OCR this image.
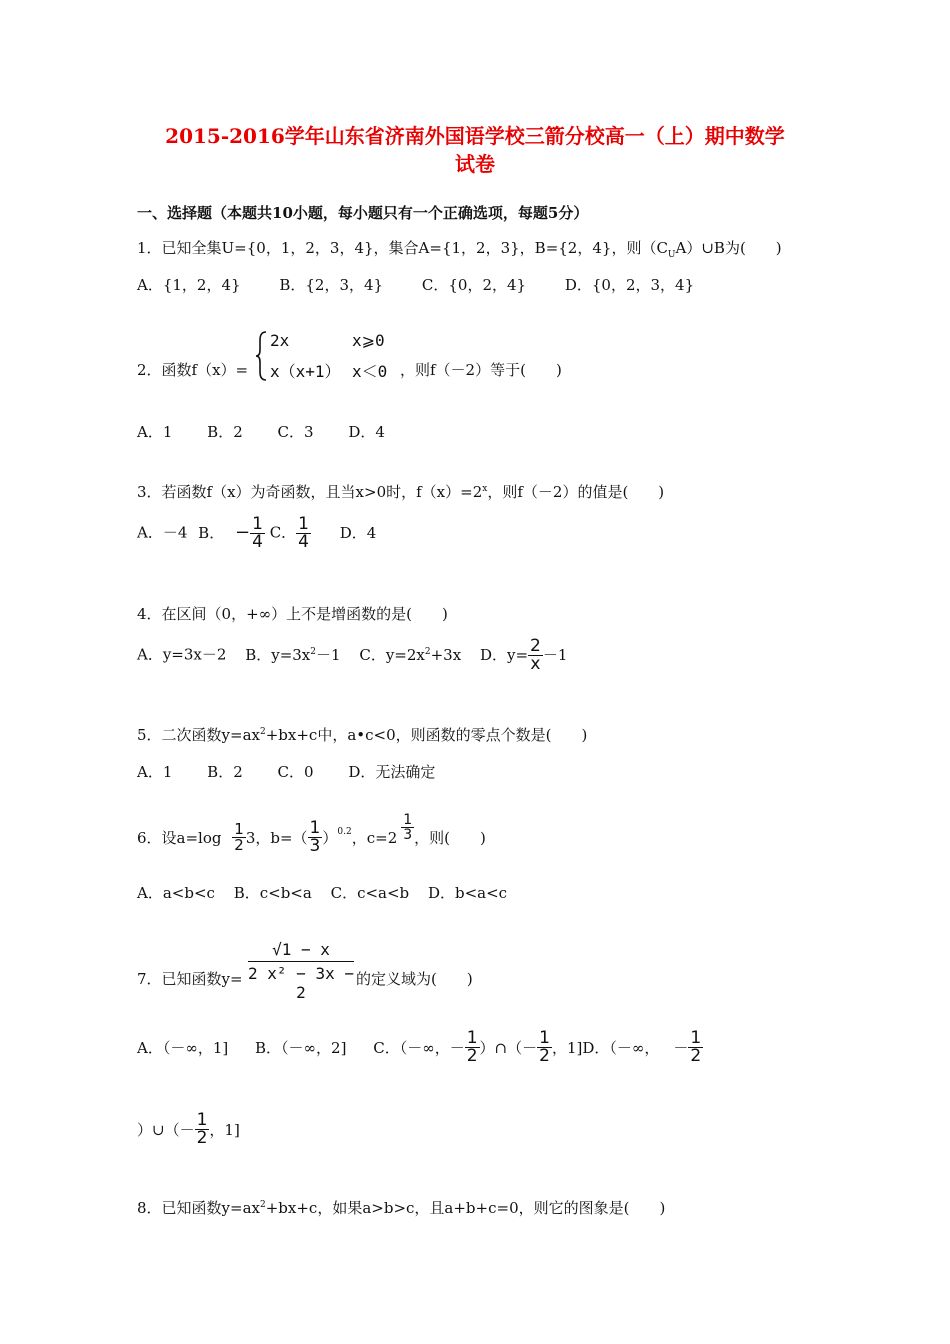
2015-2016学年山东省济南外国语学校三箭分校高一（上）期中数学
试卷
一、选择题（本题共10小题，每小题只有一个正确选项，每题5分）
1．已知全集U={0，1，2，3，4}，集合A={1，2，3}，B={2，4}，则$(C_UA)\cup B$为(　　)
A．{1，2，4}	B．{2，3，4}	C．{0，2，4}	D．{0，2，3，4}
2．函数f（x）=
2x	x⩾0
x（x+1） x＜0 ，则f（－2）等于(　　)
A．1 B．2 C．3 D．4
3．若函数f（x）为奇函数，且当x>0时，$f(x)=2^x$，则f（－2）的值是(　　)
A．－4 B． − $\frac{1}{4}$ C． $\frac{1}{4}$ D．4
4．在区间（0，+∞）上不是增函数的是(　　)
A．y=3x－2 B．$y=3x^2-1$ C．$y=2x^2+3x$ D．$y= \frac{2}{x} -1$
5．二次函数$y=ax^2+bx+c$中，a•c<0，则函数的零点个数是(　　)
A．1 B．2 C．0 D．无法确定
6．设$a=\log \frac{1}{2} 3$，$b=( \frac{1}{3} )^{0.2}$，$c=2 \frac{1}{3}$ ，则(　　)
A．a<b<c B．c<b<a C．c<a<b D．b<a<c
7．已知函数$y= \frac{√1 - x}{\text{2 x² − 3x − 2}}$ 的定义域为(　　)
A．（－∞，1] B．（－∞，2] C．（－∞，－ $\frac{1}{2}$ ）∩（－ $\frac{1}{2}$ ，1]D．（－∞， － $\frac{1}{2}$
）∪（－ $\frac{1}{2}$ ，1]
8．已知函数$y=ax^2+bx+c$，如果a>b>c，且a+b+c=0，则它的图象是(　　)
